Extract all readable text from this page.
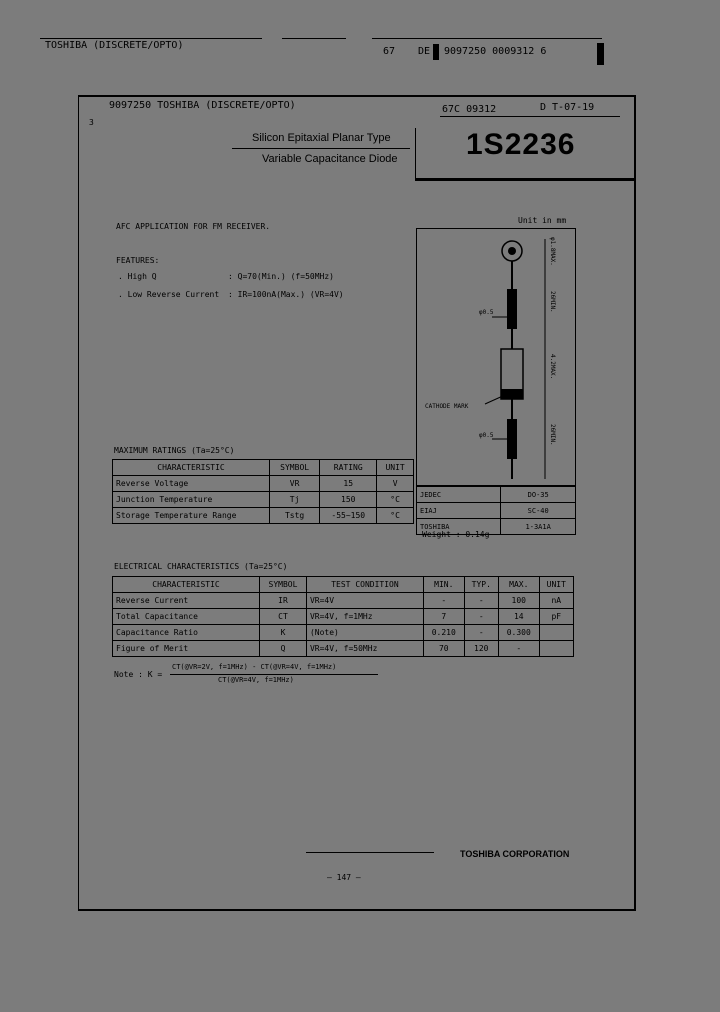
TOSHIBA (DISCRETE/OPTO)
67 DE 9097250 0009312 6
9097250 TOSHIBA (DISCRETE/OPTO)	67C 09312	D T-07-19
3
Silicon Epitaxial Planar Type
Variable Capacitance Diode 1S2236
AFC APPLICATION FOR FM RECEIVER.
FEATURES:
. High Q	: Q=70(Min.) (f=50MHz)
. Low Reverse Current : IR=100nA(Max.) (VR=4V)
Unit in mm
φ1.8MAX.
26MIN.
φ0.5
4.2MAX.
26MIN.
φ0.5
CATHODE MARK
JEDEC	DO-35
EIAJ	SC-40
TOSHIBA	1-3A1A
Weight : 0.14g
MAXIMUM RATINGS (Ta=25°C)
CHARACTERISTIC	SYMBOL	RATING	UNIT
Reverse Voltage	VR	15	V
Junction Temperature	Tj	150	°C
Storage Temperature Range	Tstg	-55~150	°C
ELECTRICAL CHARACTERISTICS (Ta=25°C)
CHARACTERISTIC	SYMBOL	TEST CONDITION	MIN.	TYP.	MAX.	UNIT
Reverse Current	IR	VR=4V	-	-	100	nA
Total Capacitance	CT	VR=4V, f=1MHz	7	-	14	pF
Capacitance Ratio	K	(Note)	0.210	-	0.300	
Figure of Merit	Q	VR=4V, f=50MHz	70	120	-	
Note : K =
CT(@VR=2V, f=1MHz) - CT(@VR=4V, f=1MHz)
CT(@VR=4V, f=1MHz)
TOSHIBA CORPORATION
— 147 —
